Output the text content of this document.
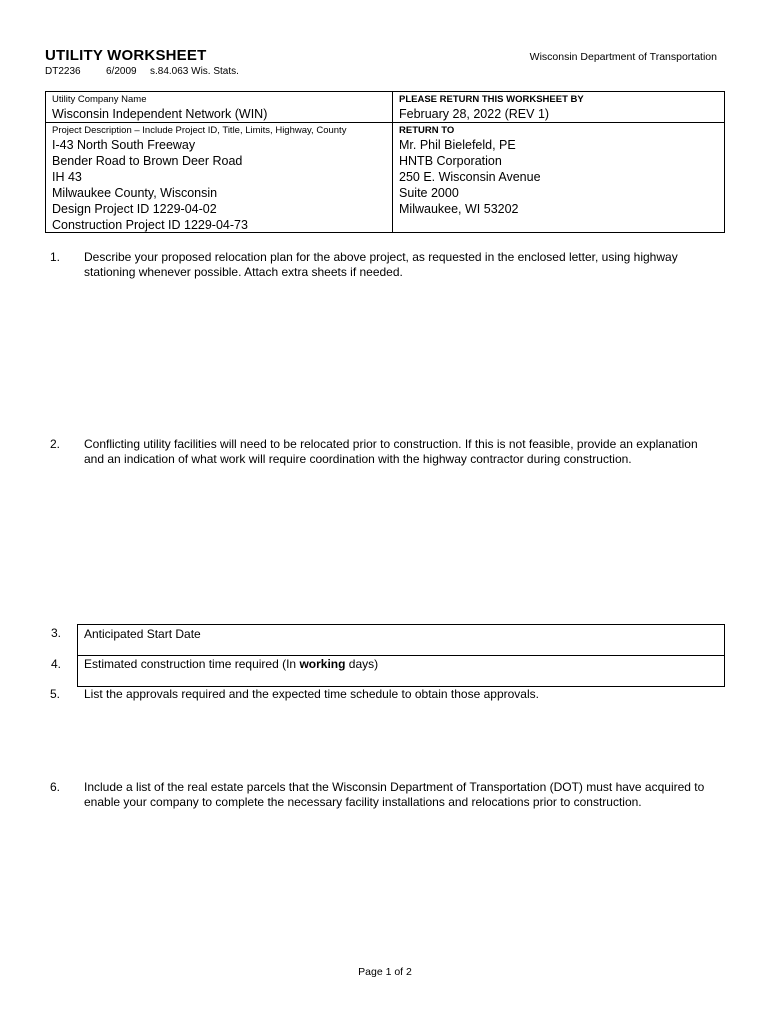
UTILITY WORKSHEET	Wisconsin Department of Transportation
DT2236	6/2009 s.84.063 Wis. Stats.
Utility Company Name
Wisconsin Independent Network (WIN)
PLEASE RETURN THIS WORKSHEET BY
February 28, 2022 (REV 1)
Project Description – Include Project ID, Title, Limits, Highway, County
I-43 North South Freeway
Bender Road to Brown Deer Road
IH 43
Milwaukee County, Wisconsin
Design Project ID 1229-04-02
Construction Project ID 1229-04-73
RETURN TO
Mr. Phil Bielefeld, PE
HNTB Corporation
250 E. Wisconsin Avenue
Suite 2000
Milwaukee, WI 53202
1.	Describe your proposed relocation plan for the above project, as requested in the enclosed letter, using highway stationing whenever possible. Attach extra sheets if needed.
2.	Conflicting utility facilities will need to be relocated prior to construction. If this is not feasible, provide an explanation and an indication of what work will require coordination with the highway contractor during construction.
3.	Anticipated Start Date
4.	Estimated construction time required (In working days)
5.	List the approvals required and the expected time schedule to obtain those approvals.
6.	Include a list of the real estate parcels that the Wisconsin Department of Transportation (DOT) must have acquired to enable your company to complete the necessary facility installations and relocations prior to construction.
Page 1 of 2
